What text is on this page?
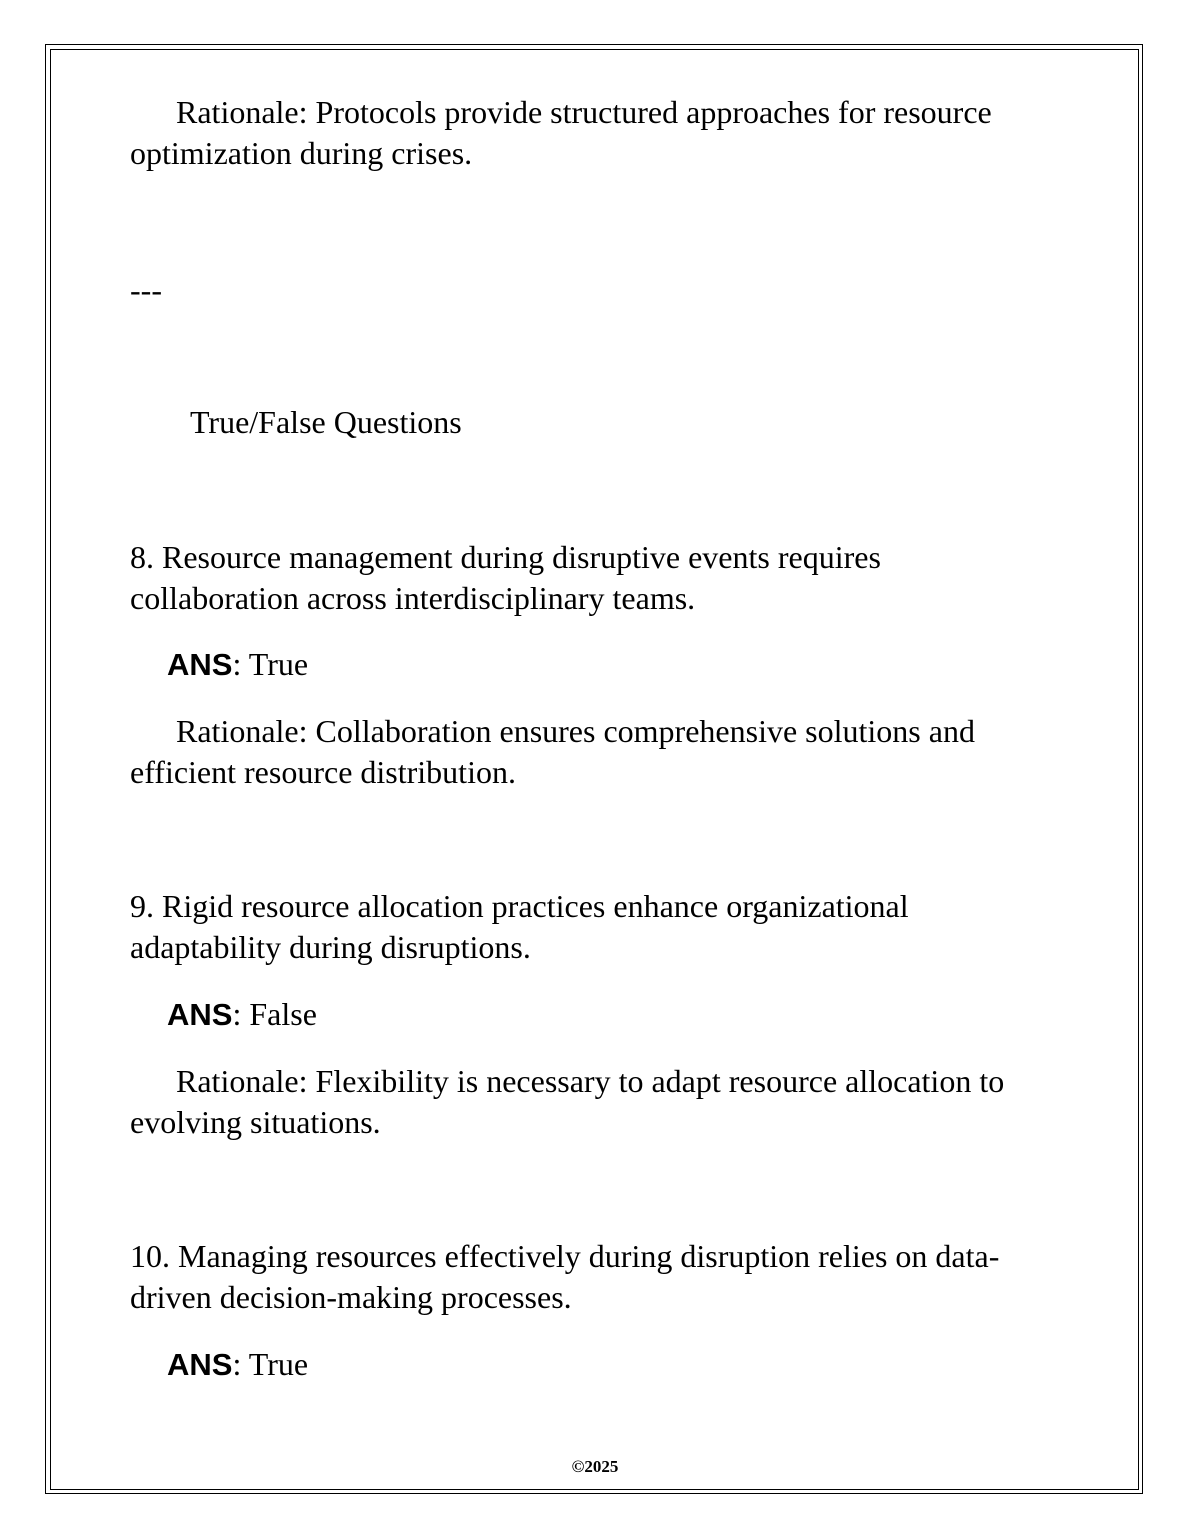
Rationale: Protocols provide structured approaches for resource optimization during crises.

---

True/False Questions

8. Resource management during disruptive events requires collaboration across interdisciplinary teams.

ANS: True

Rationale: Collaboration ensures comprehensive solutions and efficient resource distribution.

9. Rigid resource allocation practices enhance organizational adaptability during disruptions.

ANS: False

Rationale: Flexibility is necessary to adapt resource allocation to evolving situations.

10. Managing resources effectively during disruption relies on data-driven decision-making processes.

ANS: True

©2025
